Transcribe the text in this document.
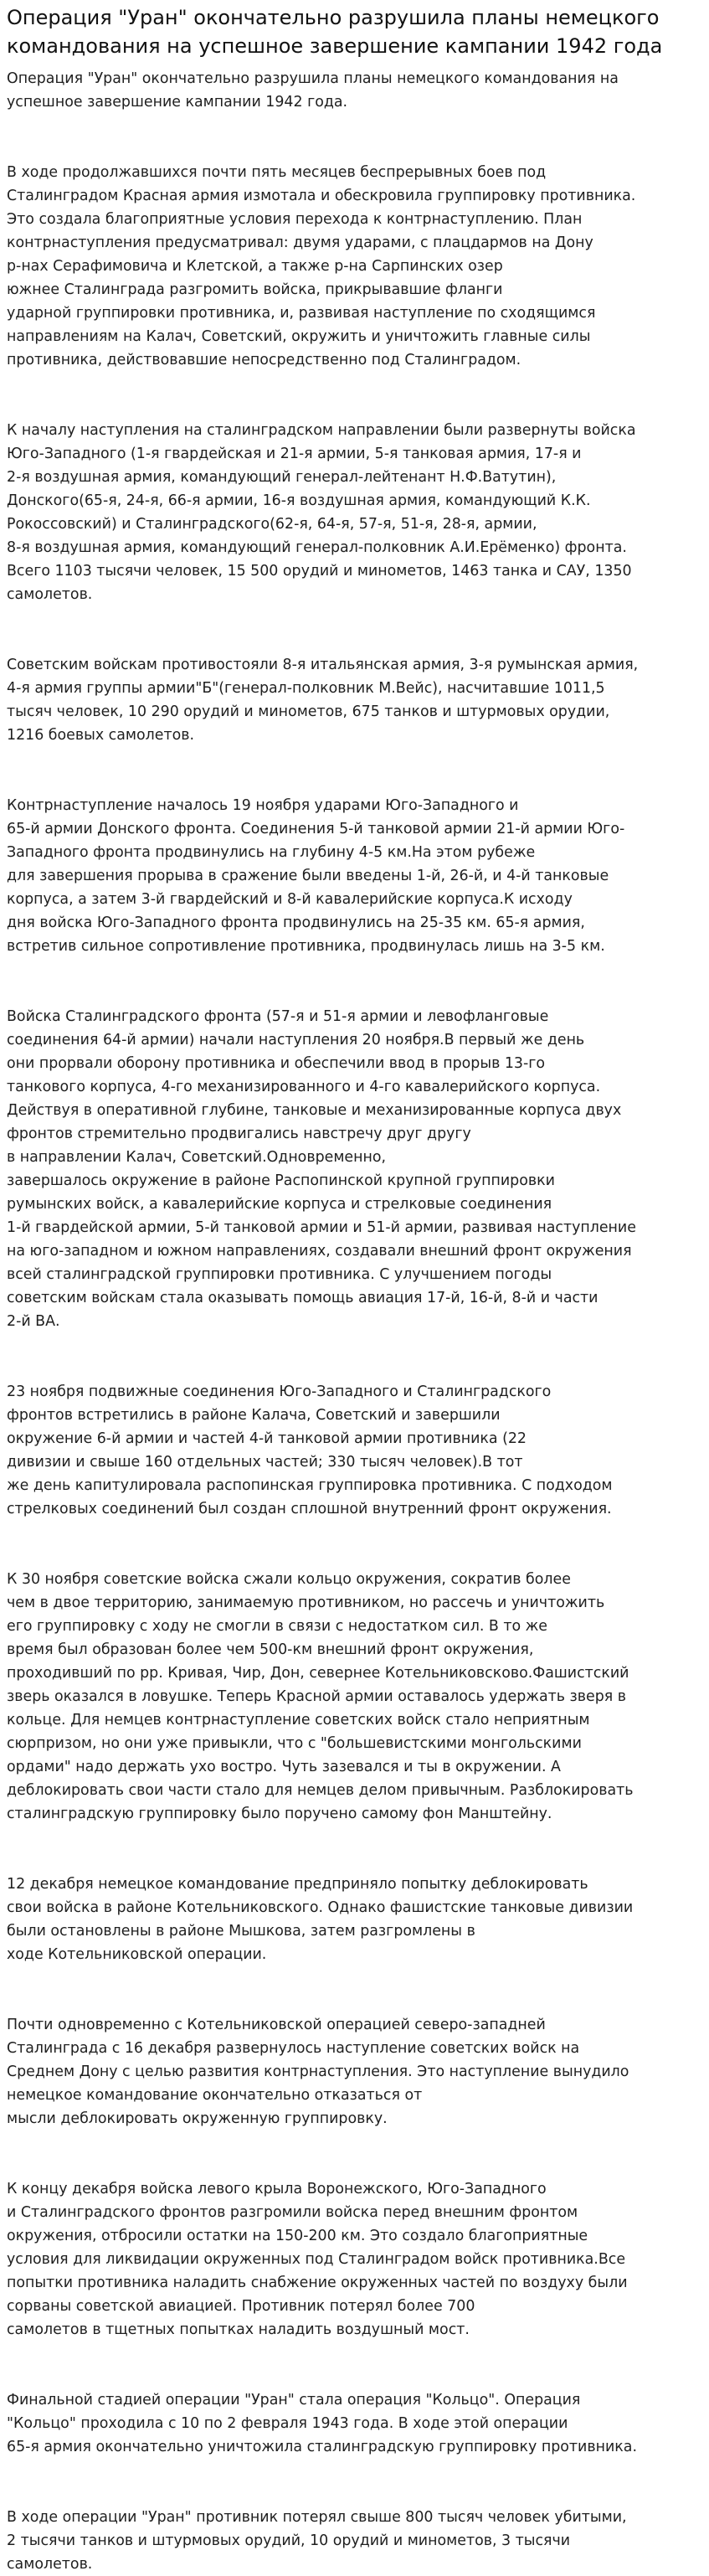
Операция "Уран" окончательно разрушила планы немецкого
командования на успешное завершение кампании 1942 года
Операция "Уран" окончательно разрушила планы немецкого командования на
успешное завершение кампании 1942 года.
В ходе продолжавшихся почти пять месяцев беспрерывных боев под
Сталинградом Красная армия измотала и обескровила группировку противника.
Это создала благоприятные условия перехода к контрнаступлению. План
контрнаступления предусматривал: двумя ударами, с плацдармов на Дону
р-нах Серафимовича и Клетской, а также р-на Сарпинских озер
южнее Сталинграда разгромить войска, прикрывавшие фланги
ударной группировки противника, и, развивая наступление по сходящимся
направлениям на Калач, Советский, окружить и уничтожить главные силы
противника, действовавшие непосредственно под Сталинградом.
К началу наступления на сталинградском направлении были развернуты войска
Юго-Западного (1-я гвардейская и 21-я армии, 5-я танковая армия, 17-я и
2-я воздушная армия, командующий генерал-лейтенант Н.Ф.Ватутин),
Донского(65-я, 24-я, 66-я армии, 16-я воздушная армия, командующий К.К.
Рокоссовский) и Сталинградского(62-я, 64-я, 57-я, 51-я, 28-я, армии,
8-я воздушная армия, командующий генерал-полковник А.И.Ерёменко) фронта.
Всего 1103 тысячи человек, 15 500 орудий и минометов, 1463 танка и САУ, 1350
самолетов.
Советским войскам противостояли 8-я итальянская армия, 3-я румынская армия,
4-я армия группы армии"Б"(генерал-полковник М.Вейс), насчитавшие 1011,5
тысяч человек, 10 290 орудий и минометов, 675 танков и штурмовых орудии,
1216 боевых самолетов.
Контрнаступление началось 19 ноября ударами Юго-Западного и
65-й армии Донского фронта. Соединения 5-й танковой армии 21-й армии Юго-
Западного фронта продвинулись на глубину 4-5 км.На этом рубеже
для завершения прорыва в сражение были введены 1-й, 26-й, и 4-й танковые
корпуса, а затем 3-й гвардейский и 8-й кавалерийские корпуса.К исходу
дня войска Юго-Западного фронта продвинулись на 25-35 км. 65-я армия,
встретив сильное сопротивление противника, продвинулась лишь на 3-5 км.
Войска Сталинградского фронта (57-я и 51-я армии и левофланговые
соединения 64-й армии) начали наступления 20 ноября.В первый же день
они прорвали оборону противника и обеспечили ввод в прорыв 13-го
танкового корпуса, 4-го механизированного и 4-го кавалерийского корпуса.
Действуя в оперативной глубине, танковые и механизированные корпуса двух
фронтов стремительно продвигались навстречу друг другу
в направлении Калач, Советский.Одновременно,
завершалось окружение в районе Распопинской крупной группировки
румынских войск, а кавалерийские корпуса и стрелковые соединения
1-й гвардейской армии, 5-й танковой армии и 51-й армии, развивая наступление
на юго-западном и южном направлениях, создавали внешний фронт окружения
всей сталинградской группировки противника. С улучшением погоды
советским войскам стала оказывать помощь авиация 17-й, 16-й, 8-й и части
2-й ВА.
23 ноября подвижные соединения Юго-Западного и Сталинградского
фронтов встретились в районе Калача, Советский и завершили
окружение 6-й армии и частей 4-й танковой армии противника (22
дивизии и свыше 160 отдельных частей; 330 тысяч человек).В тот
же день капитулировала распопинская группировка противника. С подходом
стрелковых соединений был создан сплошной внутренний фронт окружения.
К 30 ноября советские войска сжали кольцо окружения, сократив более
чем в двое территорию, занимаемую противником, но рассечь и уничтожить
его группировку с ходу не смогли в связи с недостатком сил. В то же
время был образован более чем 500-км внешний фронт окружения,
проходивший по рр. Кривая, Чир, Дон, севернее Котельниковсково.Фашистский
зверь оказался в ловушке. Теперь Красной армии оставалось удержать зверя в
кольце. Для немцев контрнаступление советских войск стало неприятным
сюрпризом, но они уже привыкли, что с "большевистскими монгольскими
ордами" надо держать ухо востро. Чуть зазевался и ты в окружении. А
деблокировать свои части стало для немцев делом привычным. Разблокировать
сталинградскую группировку было поручено самому фон Манштейну.
12 декабря немецкое командование предприняло попытку деблокировать
свои войска в районе Котельниковского. Однако фашистские танковые дивизии
были остановлены в районе Мышкова, затем разгромлены в
ходе Котельниковской операции.
Почти одновременно с Котельниковской операцией северо-западней
Сталинграда с 16 декабря развернулось наступление советских войск на
Среднем Дону с целью развития контрнаступления. Это наступление вынудило
немецкое командование окончательно отказаться от
мысли деблокировать окруженную группировку.
К концу декабря войска левого крыла Воронежского, Юго-Западного
и Сталинградского фронтов разгромили войска перед внешним фронтом
окружения, отбросили остатки на 150-200 км. Это создало благоприятные
условия для ликвидации окруженных под Сталинградом войск противника.Все
попытки противника наладить снабжение окруженных частей по воздуху были
сорваны советской авиацией. Противник потерял более 700
самолетов в тщетных попытках наладить воздушный мост.
Финальной стадией операции "Уран" стала операция "Кольцо". Операция
"Кольцо" проходила с 10 по 2 февраля 1943 года. В ходе этой операции
65-я армия окончательно уничтожила сталинградскую группировку противника.
В ходе операции "Уран" противник потерял свыше 800 тысяч человек убитыми,
2 тысячи танков и штурмовых орудий, 10 орудий и минометов, 3 тысячи
самолетов.
